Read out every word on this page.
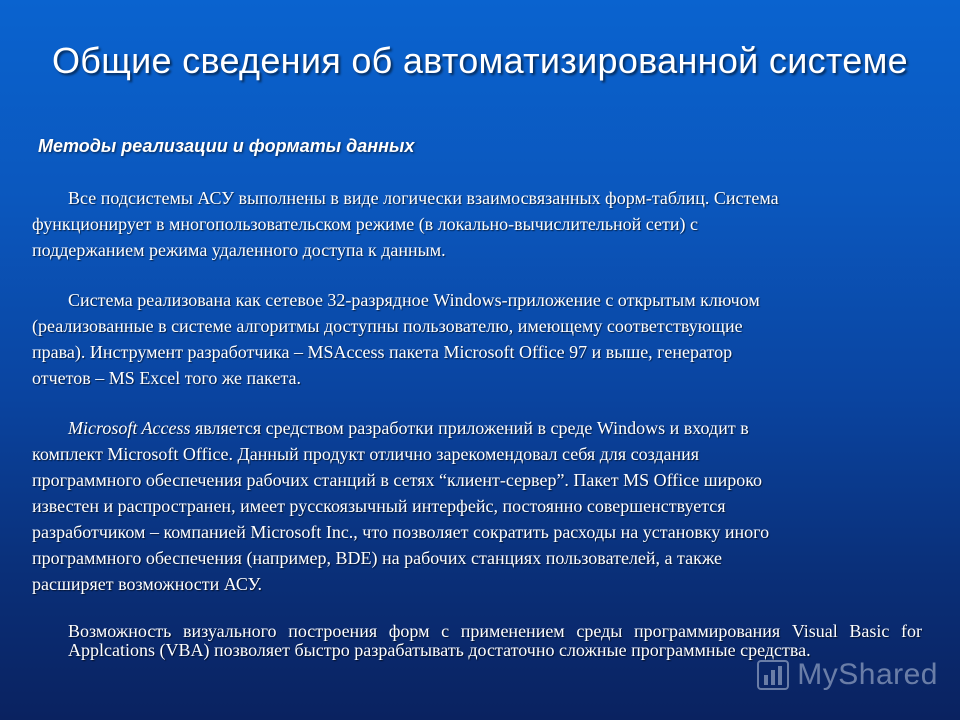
Общие сведения об автоматизированной системе
Методы реализации и форматы данных
Все подсистемы АСУ выполнены в виде логически взаимосвязанных форм-таблиц. Система
функционирует в многопользовательском режиме (в локально-вычислительной сети) с
поддержанием режима удаленного доступа к данным.
Система реализована как сетевое 32-разрядное Windows-приложение с открытым ключом
(реализованные в системе алгоритмы доступны пользователю, имеющему соответствующие
права). Инструмент разработчика – MSAccess пакета Microsoft Office 97 и выше, генератор
отчетов – MS Excel того же пакета.
Microsoft Access является средством разработки приложений в среде Windows и входит в
комплект Microsoft Office. Данный продукт отлично зарекомендовал себя для создания
программного обеспечения рабочих станций в сетях “клиент-сервер”. Пакет MS Office широко
известен и распространен, имеет русскоязычный интерфейс, постоянно совершенствуется
разработчиком – компанией Microsoft Inc., что позволяет сократить расходы на установку иного
программного обеспечения (например, BDE) на рабочих станциях пользователей, а также
расширяет возможности АСУ.
Возможность визуального построения форм с применением среды программирования Visual Basic for Applcations (VBA) позволяет быстро разрабатывать достаточно сложные программные средства.
MyShared
